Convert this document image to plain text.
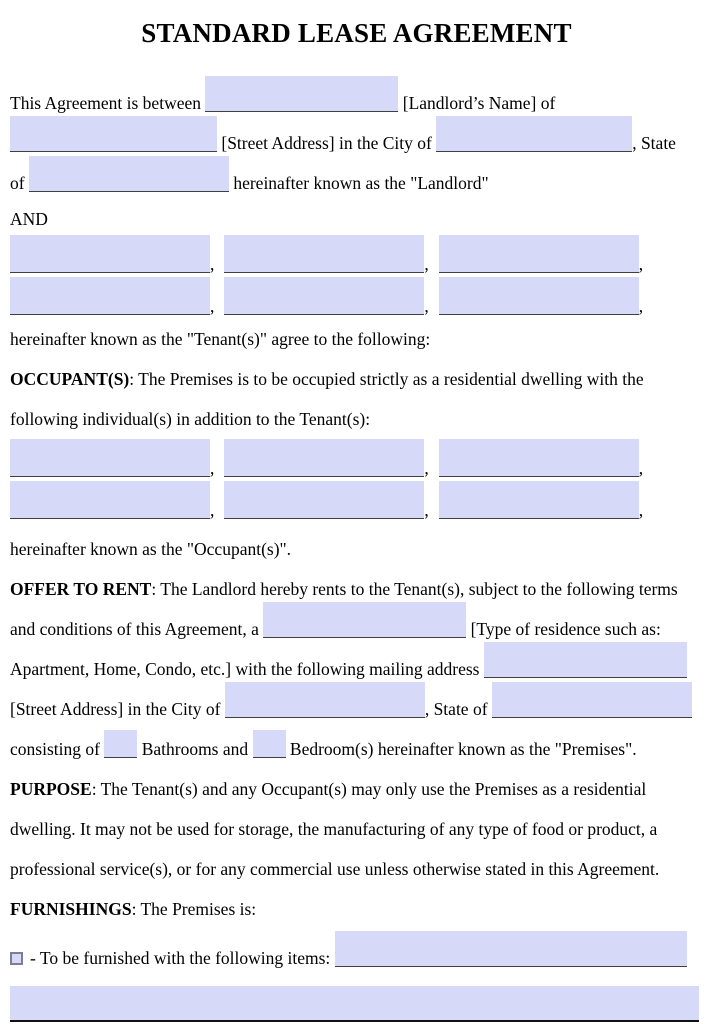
STANDARD LEASE AGREEMENT
This Agreement is between	[Landlord’s Name] of
[Street Address] in the City of	, State
of	hereinafter known as the "Landlord"
AND
,	,	,
,	,	,
hereinafter known as the "Tenant(s)" agree to the following:
OCCUPANT(S): The Premises is to be occupied strictly as a residential dwelling with the
following individual(s) in addition to the Tenant(s):
,	,	,
,	,	,
hereinafter known as the "Occupant(s)".
OFFER TO RENT: The Landlord hereby rents to the Tenant(s), subject to the following terms
and conditions of this Agreement, a	[Type of residence such as:
Apartment, Home, Condo, etc.] with the following mailing address
[Street Address] in the City of	, State of
consisting of  Bathrooms and  Bedroom(s) hereinafter known as the "Premises".
PURPOSE: The Tenant(s) and any Occupant(s) may only use the Premises as a residential
dwelling. It may not be used for storage, the manufacturing of any type of food or product, a
professional service(s), or for any commercial use unless otherwise stated in this Agreement.
FURNISHINGS: The Premises is:
- To be furnished with the following items:
